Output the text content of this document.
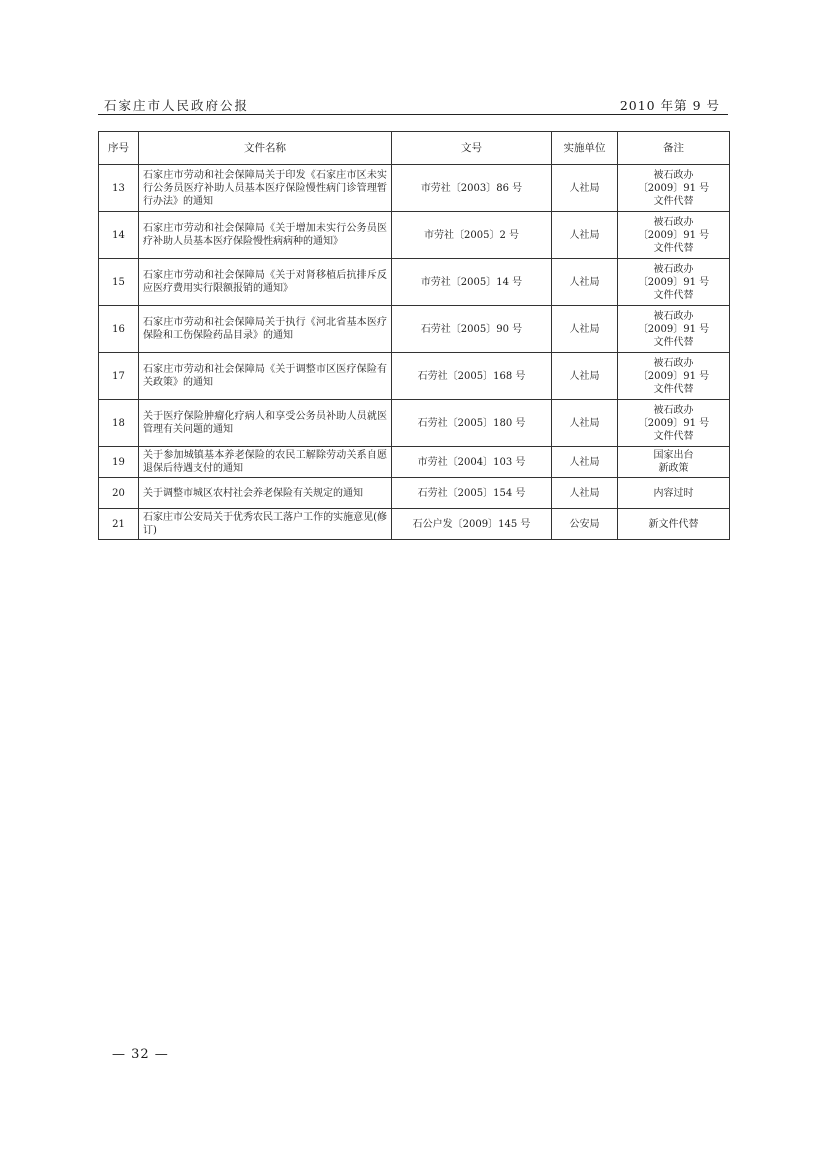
石家庄市人民政府公报	2010 年第 9 号
序号	文件名称	文号	实施单位	备注
13	石家庄市劳动和社会保障局关于印发《石家庄市区未实行公务员医疗补助人员基本医疗保险慢性病门诊管理暂行办法》的通知	市劳社〔2003〕86 号	人社局	被石政办
〔2009〕91 号
文件代替
14	石家庄市劳动和社会保障局《关于增加未实行公务员医疗补助人员基本医疗保险慢性病病种的通知》	市劳社〔2005〕2 号	人社局	被石政办
〔2009〕91 号
文件代替
15	石家庄市劳动和社会保障局《关于对肾移植后抗排斥反应医疗费用实行限额报销的通知》	市劳社〔2005〕14 号	人社局	被石政办
〔2009〕91 号
文件代替
16	石家庄市劳动和社会保障局关于执行《河北省基本医疗保险和工伤保险药品目录》的通知	石劳社〔2005〕90 号	人社局	被石政办
〔2009〕91 号
文件代替
17	石家庄市劳动和社会保障局《关于调整市区医疗保险有关政策》的通知	石劳社〔2005〕168 号	人社局	被石政办
〔2009〕91 号
文件代替
18	关于医疗保险肿瘤化疗病人和享受公务员补助人员就医管理有关问题的通知	石劳社〔2005〕180 号	人社局	被石政办
〔2009〕91 号
文件代替
19	关于参加城镇基本养老保险的农民工解除劳动关系自愿退保后待遇支付的通知	市劳社〔2004〕103 号	人社局	国家出台
新政策
20	关于调整市城区农村社会养老保险有关规定的通知	石劳社〔2005〕154 号	人社局	内容过时
21	石家庄市公安局关于优秀农民工落户工作的实施意见(修订)	石公户发〔2009〕145 号	公安局	新文件代替
— 32 —
